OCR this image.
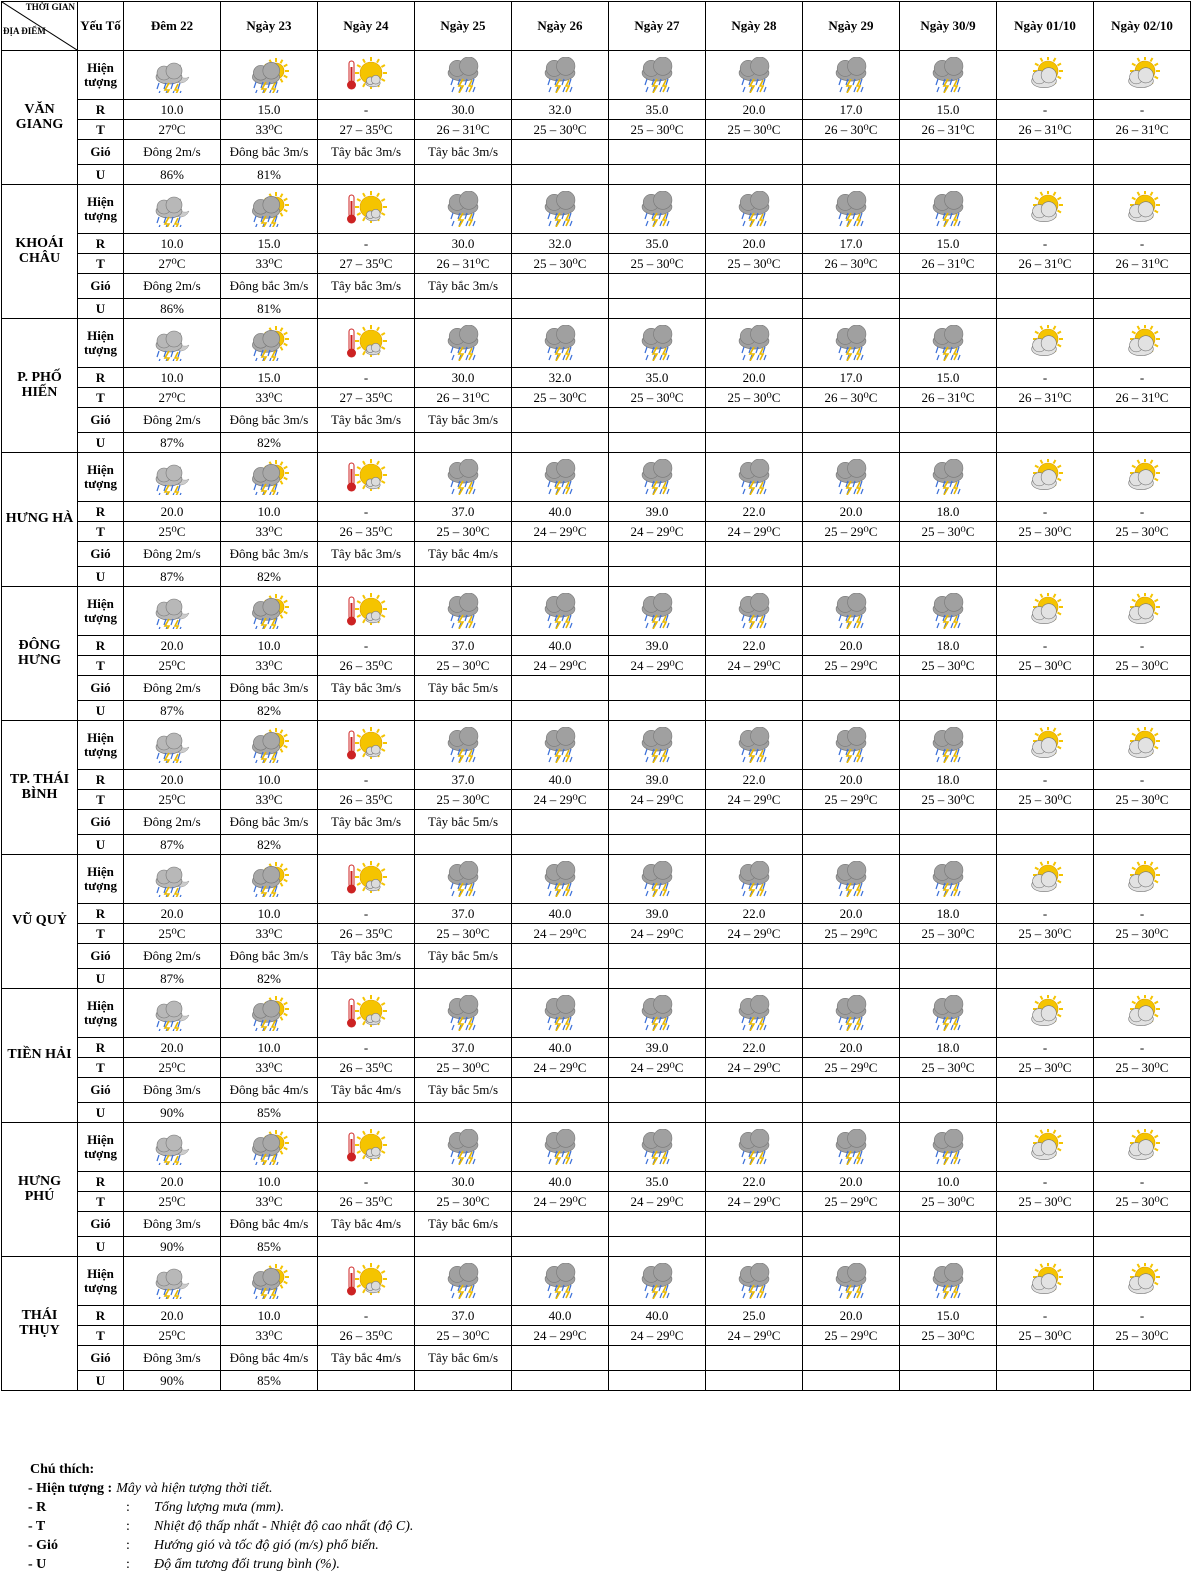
THỜI GIAN
ĐỊA ĐIỂM	Yếu Tố	Đêm 22	Ngày 23	Ngày 24	Ngày 25	Ngày 26	Ngày 27	Ngày 28	Ngày 29	Ngày 30/9	Ngày 01/10	Ngày 02/10
VĂN GIANG	Hiện tượng											
	R	10.0	15.0	-	30.0	32.0	35.0	20.0	17.0	15.0	-	-
	T	27⁰C	33⁰C	27 – 35⁰C	26 – 31⁰C	25 – 30⁰C	25 – 30⁰C	25 – 30⁰C	26 – 30⁰C	26 – 31⁰C	26 – 31⁰C	26 – 31⁰C
	Gió	Đông 2m/s	Đông bắc 3m/s	Tây bắc 3m/s	Tây bắc 3m/s							
	U	86%	81%									
KHOÁI CHÂU	Hiện tượng											
	R	10.0	15.0	-	30.0	32.0	35.0	20.0	17.0	15.0	-	-
	T	27⁰C	33⁰C	27 – 35⁰C	26 – 31⁰C	25 – 30⁰C	25 – 30⁰C	25 – 30⁰C	26 – 30⁰C	26 – 31⁰C	26 – 31⁰C	26 – 31⁰C
	Gió	Đông 2m/s	Đông bắc 3m/s	Tây bắc 3m/s	Tây bắc 3m/s							
	U	86%	81%									
P. PHỐ HIẾN	Hiện tượng											
	R	10.0	15.0	-	30.0	32.0	35.0	20.0	17.0	15.0	-	-
	T	27⁰C	33⁰C	27 – 35⁰C	26 – 31⁰C	25 – 30⁰C	25 – 30⁰C	25 – 30⁰C	26 – 30⁰C	26 – 31⁰C	26 – 31⁰C	26 – 31⁰C
	Gió	Đông 2m/s	Đông bắc 3m/s	Tây bắc 3m/s	Tây bắc 3m/s							
	U	87%	82%									
HƯNG HÀ	Hiện tượng											
	R	20.0	10.0	-	37.0	40.0	39.0	22.0	20.0	18.0	-	-
	T	25⁰C	33⁰C	26 – 35⁰C	25 – 30⁰C	24 – 29⁰C	24 – 29⁰C	24 – 29⁰C	25 – 29⁰C	25 – 30⁰C	25 – 30⁰C	25 – 30⁰C
	Gió	Đông 2m/s	Đông bắc 3m/s	Tây bắc 3m/s	Tây bắc 4m/s							
	U	87%	82%									
ĐÔNG HƯNG	Hiện tượng											
	R	20.0	10.0	-	37.0	40.0	39.0	22.0	20.0	18.0	-	-
	T	25⁰C	33⁰C	26 – 35⁰C	25 – 30⁰C	24 – 29⁰C	24 – 29⁰C	24 – 29⁰C	25 – 29⁰C	25 – 30⁰C	25 – 30⁰C	25 – 30⁰C
	Gió	Đông 2m/s	Đông bắc 3m/s	Tây bắc 3m/s	Tây bắc 5m/s							
	U	87%	82%									
TP. THÁI BÌNH	Hiện tượng											
	R	20.0	10.0	-	37.0	40.0	39.0	22.0	20.0	18.0	-	-
	T	25⁰C	33⁰C	26 – 35⁰C	25 – 30⁰C	24 – 29⁰C	24 – 29⁰C	24 – 29⁰C	25 – 29⁰C	25 – 30⁰C	25 – 30⁰C	25 – 30⁰C
	Gió	Đông 2m/s	Đông bắc 3m/s	Tây bắc 3m/s	Tây bắc 5m/s							
	U	87%	82%									
VŨ QUỶ	Hiện tượng											
	R	20.0	10.0	-	37.0	40.0	39.0	22.0	20.0	18.0	-	-
	T	25⁰C	33⁰C	26 – 35⁰C	25 – 30⁰C	24 – 29⁰C	24 – 29⁰C	24 – 29⁰C	25 – 29⁰C	25 – 30⁰C	25 – 30⁰C	25 – 30⁰C
	Gió	Đông 2m/s	Đông bắc 3m/s	Tây bắc 3m/s	Tây bắc 5m/s							
	U	87%	82%									
TIỀN HẢI	Hiện tượng											
	R	20.0	10.0	-	37.0	40.0	39.0	22.0	20.0	18.0	-	-
	T	25⁰C	33⁰C	26 – 35⁰C	25 – 30⁰C	24 – 29⁰C	24 – 29⁰C	24 – 29⁰C	25 – 29⁰C	25 – 30⁰C	25 – 30⁰C	25 – 30⁰C
	Gió	Đông 3m/s	Đông bắc 4m/s	Tây bắc 4m/s	Tây bắc 5m/s							
	U	90%	85%									
HƯNG PHÚ	Hiện tượng											
	R	20.0	10.0	-	30.0	40.0	35.0	22.0	20.0	10.0	-	-
	T	25⁰C	33⁰C	26 – 35⁰C	25 – 30⁰C	24 – 29⁰C	24 – 29⁰C	24 – 29⁰C	25 – 29⁰C	25 – 30⁰C	25 – 30⁰C	25 – 30⁰C
	Gió	Đông 3m/s	Đông bắc 4m/s	Tây bắc 4m/s	Tây bắc 6m/s							
	U	90%	85%									
THÁI THỤY	Hiện tượng											
	R	20.0	10.0	-	37.0	40.0	40.0	25.0	20.0	15.0	-	-
	T	25⁰C	33⁰C	26 – 35⁰C	25 – 30⁰C	24 – 29⁰C	24 – 29⁰C	24 – 29⁰C	25 – 29⁰C	25 – 30⁰C	25 – 30⁰C	25 – 30⁰C
	Gió	Đông 3m/s	Đông bắc 4m/s	Tây bắc 4m/s	Tây bắc 6m/s							
	U	90%	85%									
Chú thích:
- Hiện tượng : Mây và hiện tượng thời tiết.
- R	: Tổng lượng mưa (mm).
- T	: Nhiệt độ thấp nhất - Nhiệt độ cao nhất (độ C).
- Gió	: Hướng gió và tốc độ gió (m/s) phổ biến.
- U	: Độ ẩm tương đối trung bình (%).
